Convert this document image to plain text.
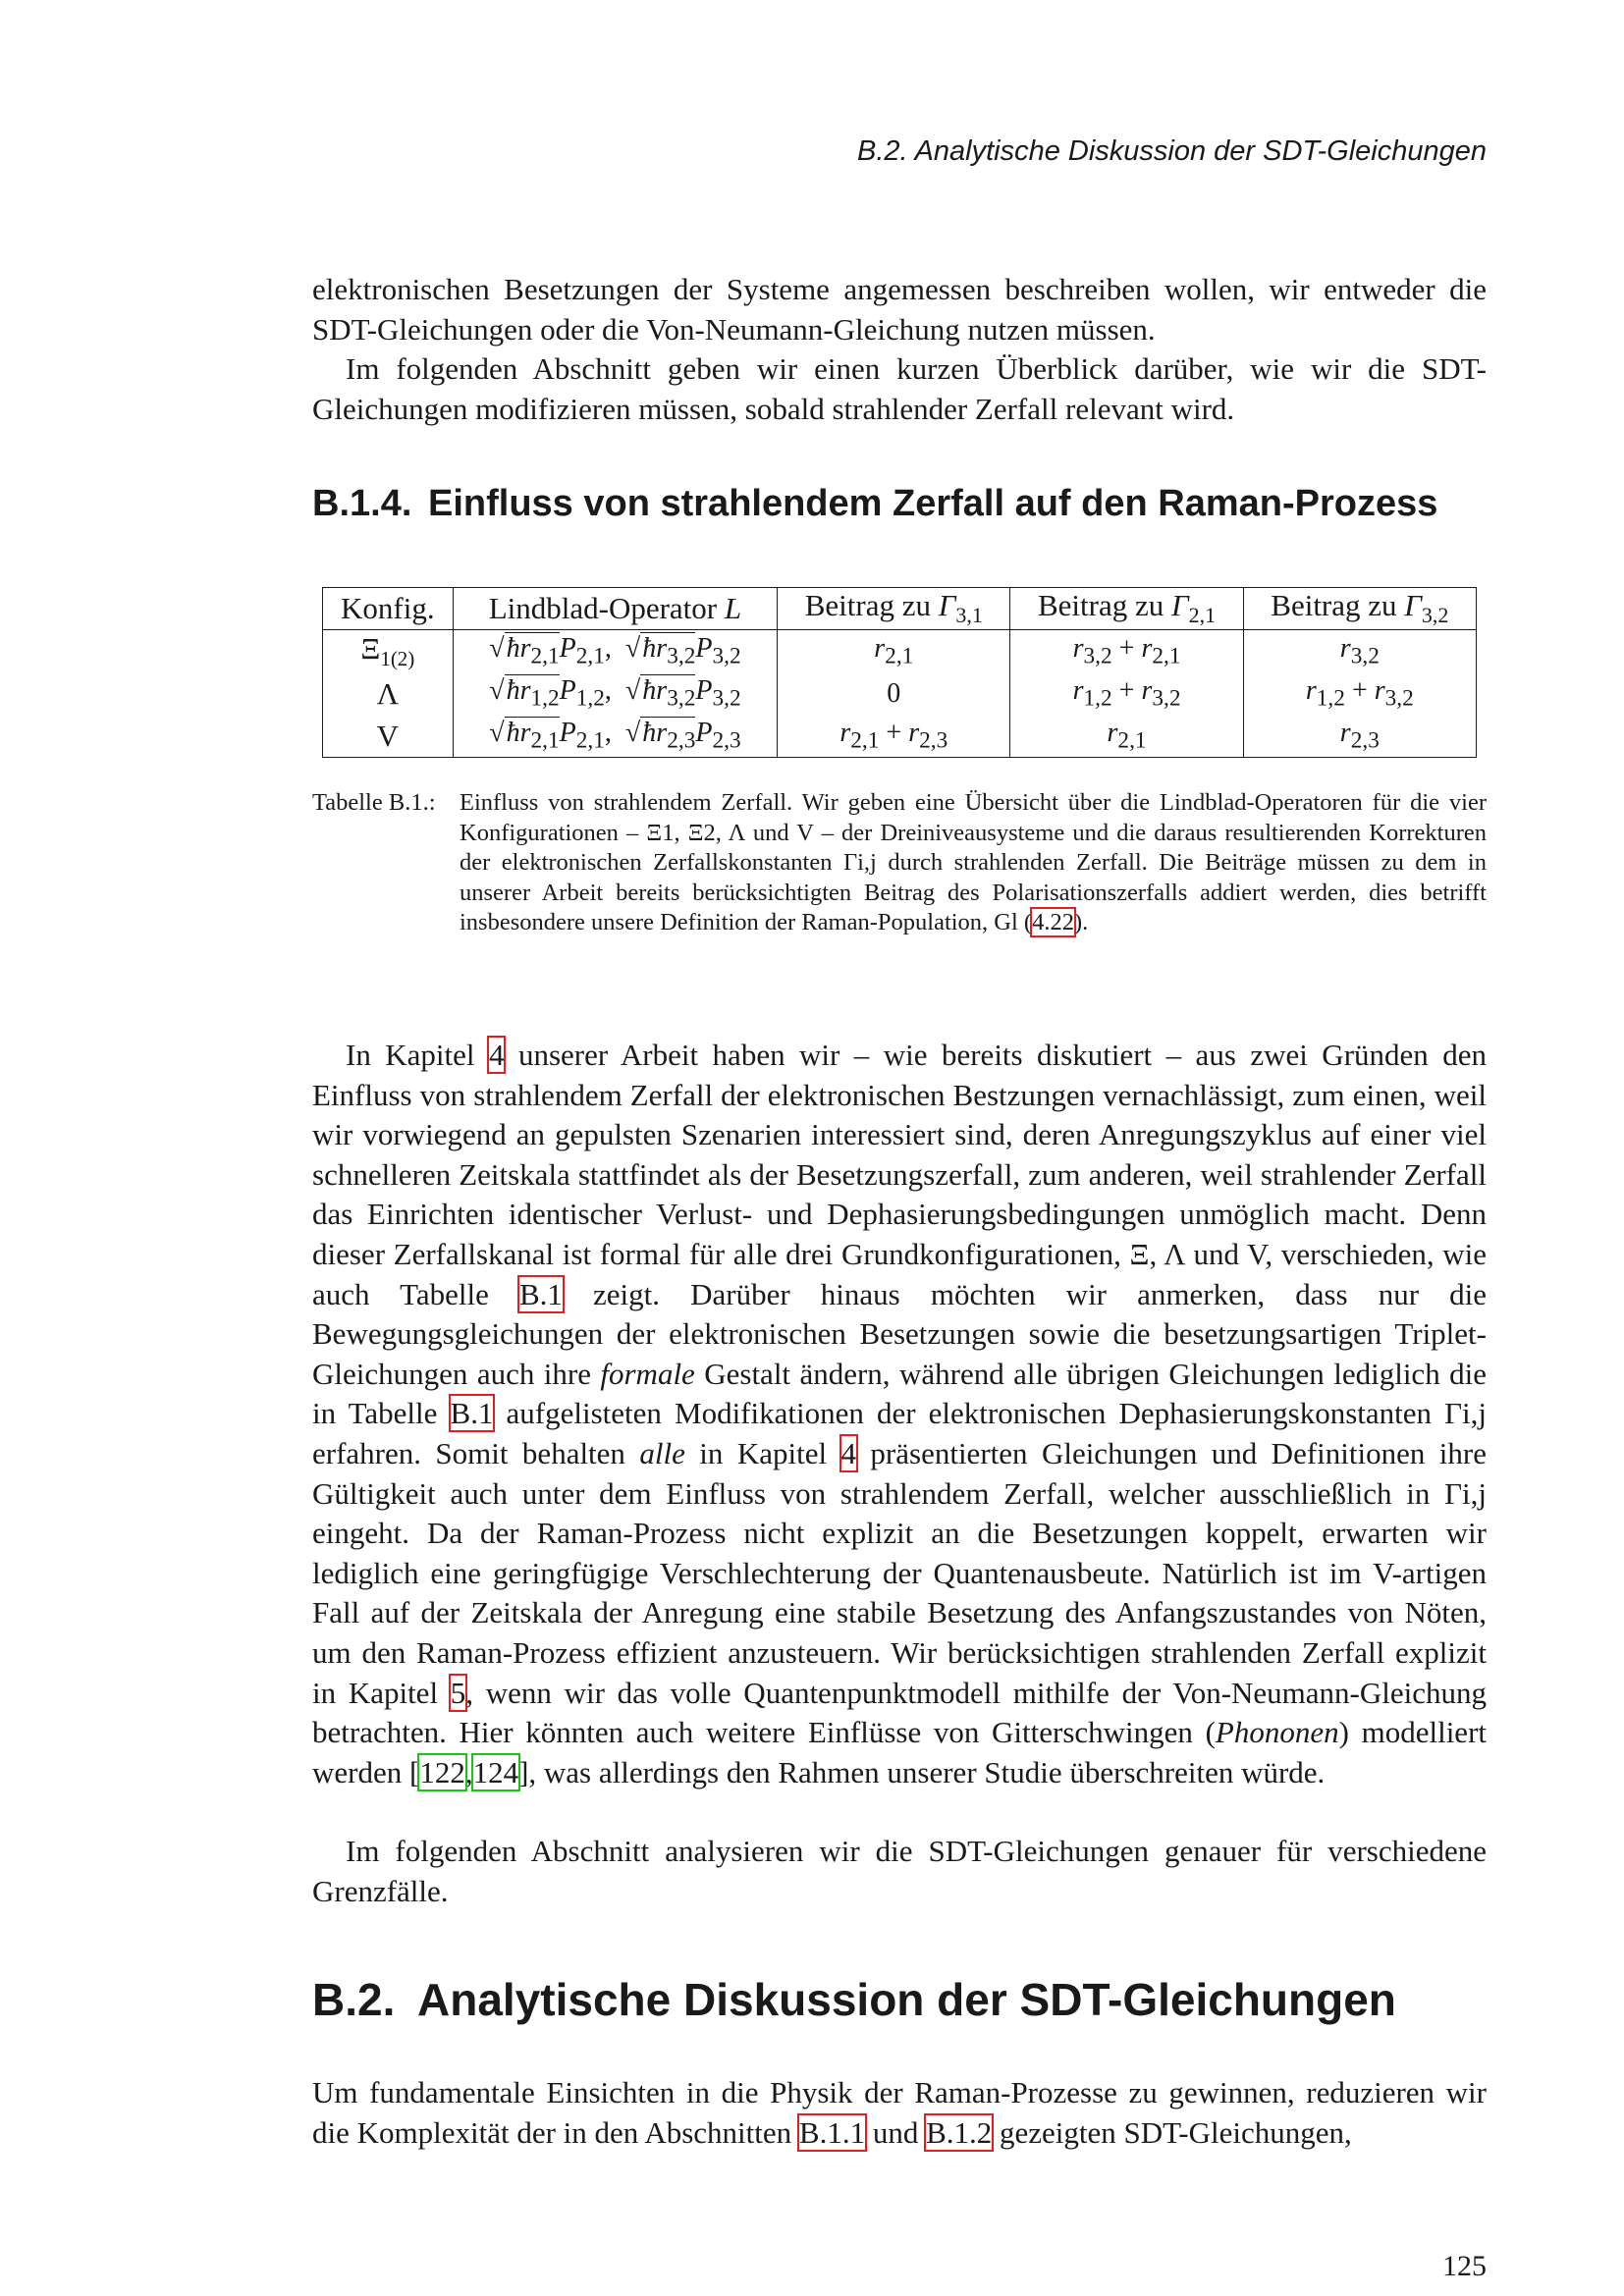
B.2. Analytische Diskussion der SDT-Gleichungen

elektronischen Besetzungen der Systeme angemessen beschreiben wollen, wir entweder die SDT-Gleichungen oder die Von-Neumann-Gleichung nutzen müssen.

Im folgenden Abschnitt geben wir einen kurzen Überblick darüber, wie wir die SDT-Gleichungen modifizieren müssen, sobald strahlender Zerfall relevant wird.

B.1.4. Einfluss von strahlendem Zerfall auf den Raman-Prozess
Konfig.	Lindblad-Operator L	Beitrag zu $\Gamma_{3,1}$	Beitrag zu $\Gamma_{2,1}$	Beitrag zu $\Gamma_{3,2}$
$\Xi_{1(2)}$	$√ħr_{2,1}P_{2,1}$,  $√ħr_{3,2}P_{3,2}$	$r_{2,1}$	$r_{3,2} + r_{2,1}$	$r_{3,2}$
Λ	$√ħr_{1,2}P_{1,2}$,  $√ħr_{3,2}P_{3,2}$	0	$r_{1,2} + r_{3,2}$	$r_{1,2} + r_{3,2}$
V	$√ħr_{2,1}P_{2,1}$,  $√ħr_{2,3}P_{2,3}$	$r_{2,1} + r_{2,3}$	$r_{2,1}$	$r_{2,3}$
Tabelle B.1.: Einfluss von strahlendem Zerfall. Wir geben eine Übersicht über die Lindblad-Operatoren für die vier Konfigurationen – Ξ1, Ξ2, Λ und V – der Dreiniveausysteme und die daraus resultierenden Korrekturen der elektronischen Zerfallskonstanten Γi,j durch strahlenden Zerfall. Die Beiträge müssen zu dem in unserer Arbeit bereits berücksichtigten Beitrag des Polarisationszerfalls addiert werden, dies betrifft insbesondere unsere Definition der Raman-Population, Gl (4.22).

In Kapitel 4 unserer Arbeit haben wir – wie bereits diskutiert – aus zwei Gründen den Einfluss von strahlendem Zerfall der elektronischen Bestzungen vernachlässigt, zum einen, weil wir vorwiegend an gepulsten Szenarien interessiert sind, deren Anregungszyklus auf einer viel schnelleren Zeitskala stattfindet als der Besetzungszerfall, zum anderen, weil strahlender Zerfall das Einrichten identischer Verlust- und Dephasierungsbedingungen unmöglich macht. Denn dieser Zerfallskanal ist formal für alle drei Grundkonfigurationen, Ξ, Λ und V, verschieden, wie auch Tabelle B.1 zeigt. Darüber hinaus möchten wir anmerken, dass nur die Bewegungsgleichungen der elektronischen Besetzungen sowie die besetzungsartigen Triplet-Gleichungen auch ihre formale Gestalt ändern, während alle übrigen Gleichungen lediglich die in Tabelle B.1 aufgelisteten Modifikationen der elektronischen Dephasierungskonstanten Γi,j erfahren. Somit behalten alle in Kapitel 4 präsentierten Gleichungen und Definitionen ihre Gültigkeit auch unter dem Einfluss von strahlendem Zerfall, welcher ausschließlich in Γi,j eingeht. Da der Raman-Prozess nicht explizit an die Besetzungen koppelt, erwarten wir lediglich eine geringfügige Verschlechterung der Quantenausbeute. Natürlich ist im V-artigen Fall auf der Zeitskala der Anregung eine stabile Besetzung des Anfangszustandes von Nöten, um den Raman-Prozess effizient anzusteuern. Wir berücksichtigen strahlenden Zerfall explizit in Kapitel 5, wenn wir das volle Quantenpunktmodell mithilfe der Von-Neumann-Gleichung betrachten. Hier könnten auch weitere Einflüsse von Gitterschwingen (Phononen) modelliert werden [122,124], was allerdings den Rahmen unserer Studie überschreiten würde.

Im folgenden Abschnitt analysieren wir die SDT-Gleichungen genauer für verschiedene Grenzfälle.

B.2. Analytische Diskussion der SDT-Gleichungen

Um fundamentale Einsichten in die Physik der Raman-Prozesse zu gewinnen, reduzieren wir die Komplexität der in den Abschnitten B.1.1 und B.1.2 gezeigten SDT-Gleichungen,

125
